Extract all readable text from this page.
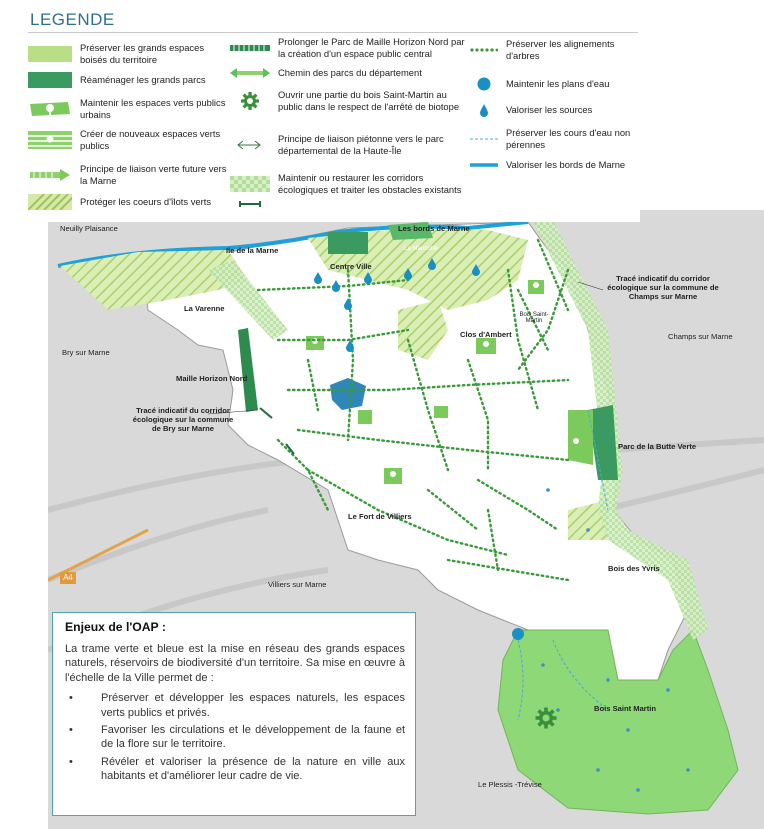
LEGENDE
Préserver les grands espaces boisés du territoire
Réaménager les grands parcs
Maintenir les espaces verts publics urbains
Créer de nouveaux espaces verts publics
Principe de liaison verte future vers la Marne
Protéger les coeurs d'îlots verts
Prolonger le Parc de Maille Horizon Nord par la création d'un espace public central
Chemin des parcs du département
Ouvrir une partie du bois Saint-Martin au public dans le respect de l'arrêté de biotope
Principe de liaison piétonne vers le parc départemental de la Haute-Île
Maintenir ou restaurer les corridors écologiques et traiter les obstacles existants
Préserver les alignements d'arbres
Maintenir les plans d'eau
Valoriser les sources
Préserver les cours d'eau non pérennes
Valoriser les bords de Marne
Neuilly Plaisance
Ile de la Marne
Les bords de Marne
La Marmotte
Centre Ville
La Varenne
Clos d'Ambert
Bois Saint-Martin
Tracé indicatif du corridor écologique sur la commune de Champs sur Marne
Champs sur Marne
Bry sur Marne
Maille Horizon Nord
Tracé indicatif du corridor écologique sur la commune de Bry sur Marne
Parc de la Butte Verte
Le Fort de Villiers
Bois des Yvris
Villiers sur Marne
Bois Saint Martin
Le Plessis -Trévise
A4
Enjeux de l'OAP :

La trame verte et bleue est la mise en réseau des grands espaces naturels, réservoirs de biodiversité d'un territoire. Sa mise en œuvre à l'échelle de la Ville permet de :

• Préserver et développer les espaces naturels, les espaces verts publics et privés.
• Favoriser les circulations et le développement de la faune et de la flore sur le territoire.
• Révéler et valoriser la présence de la nature en ville aux habitants et d'améliorer leur cadre de vie.
